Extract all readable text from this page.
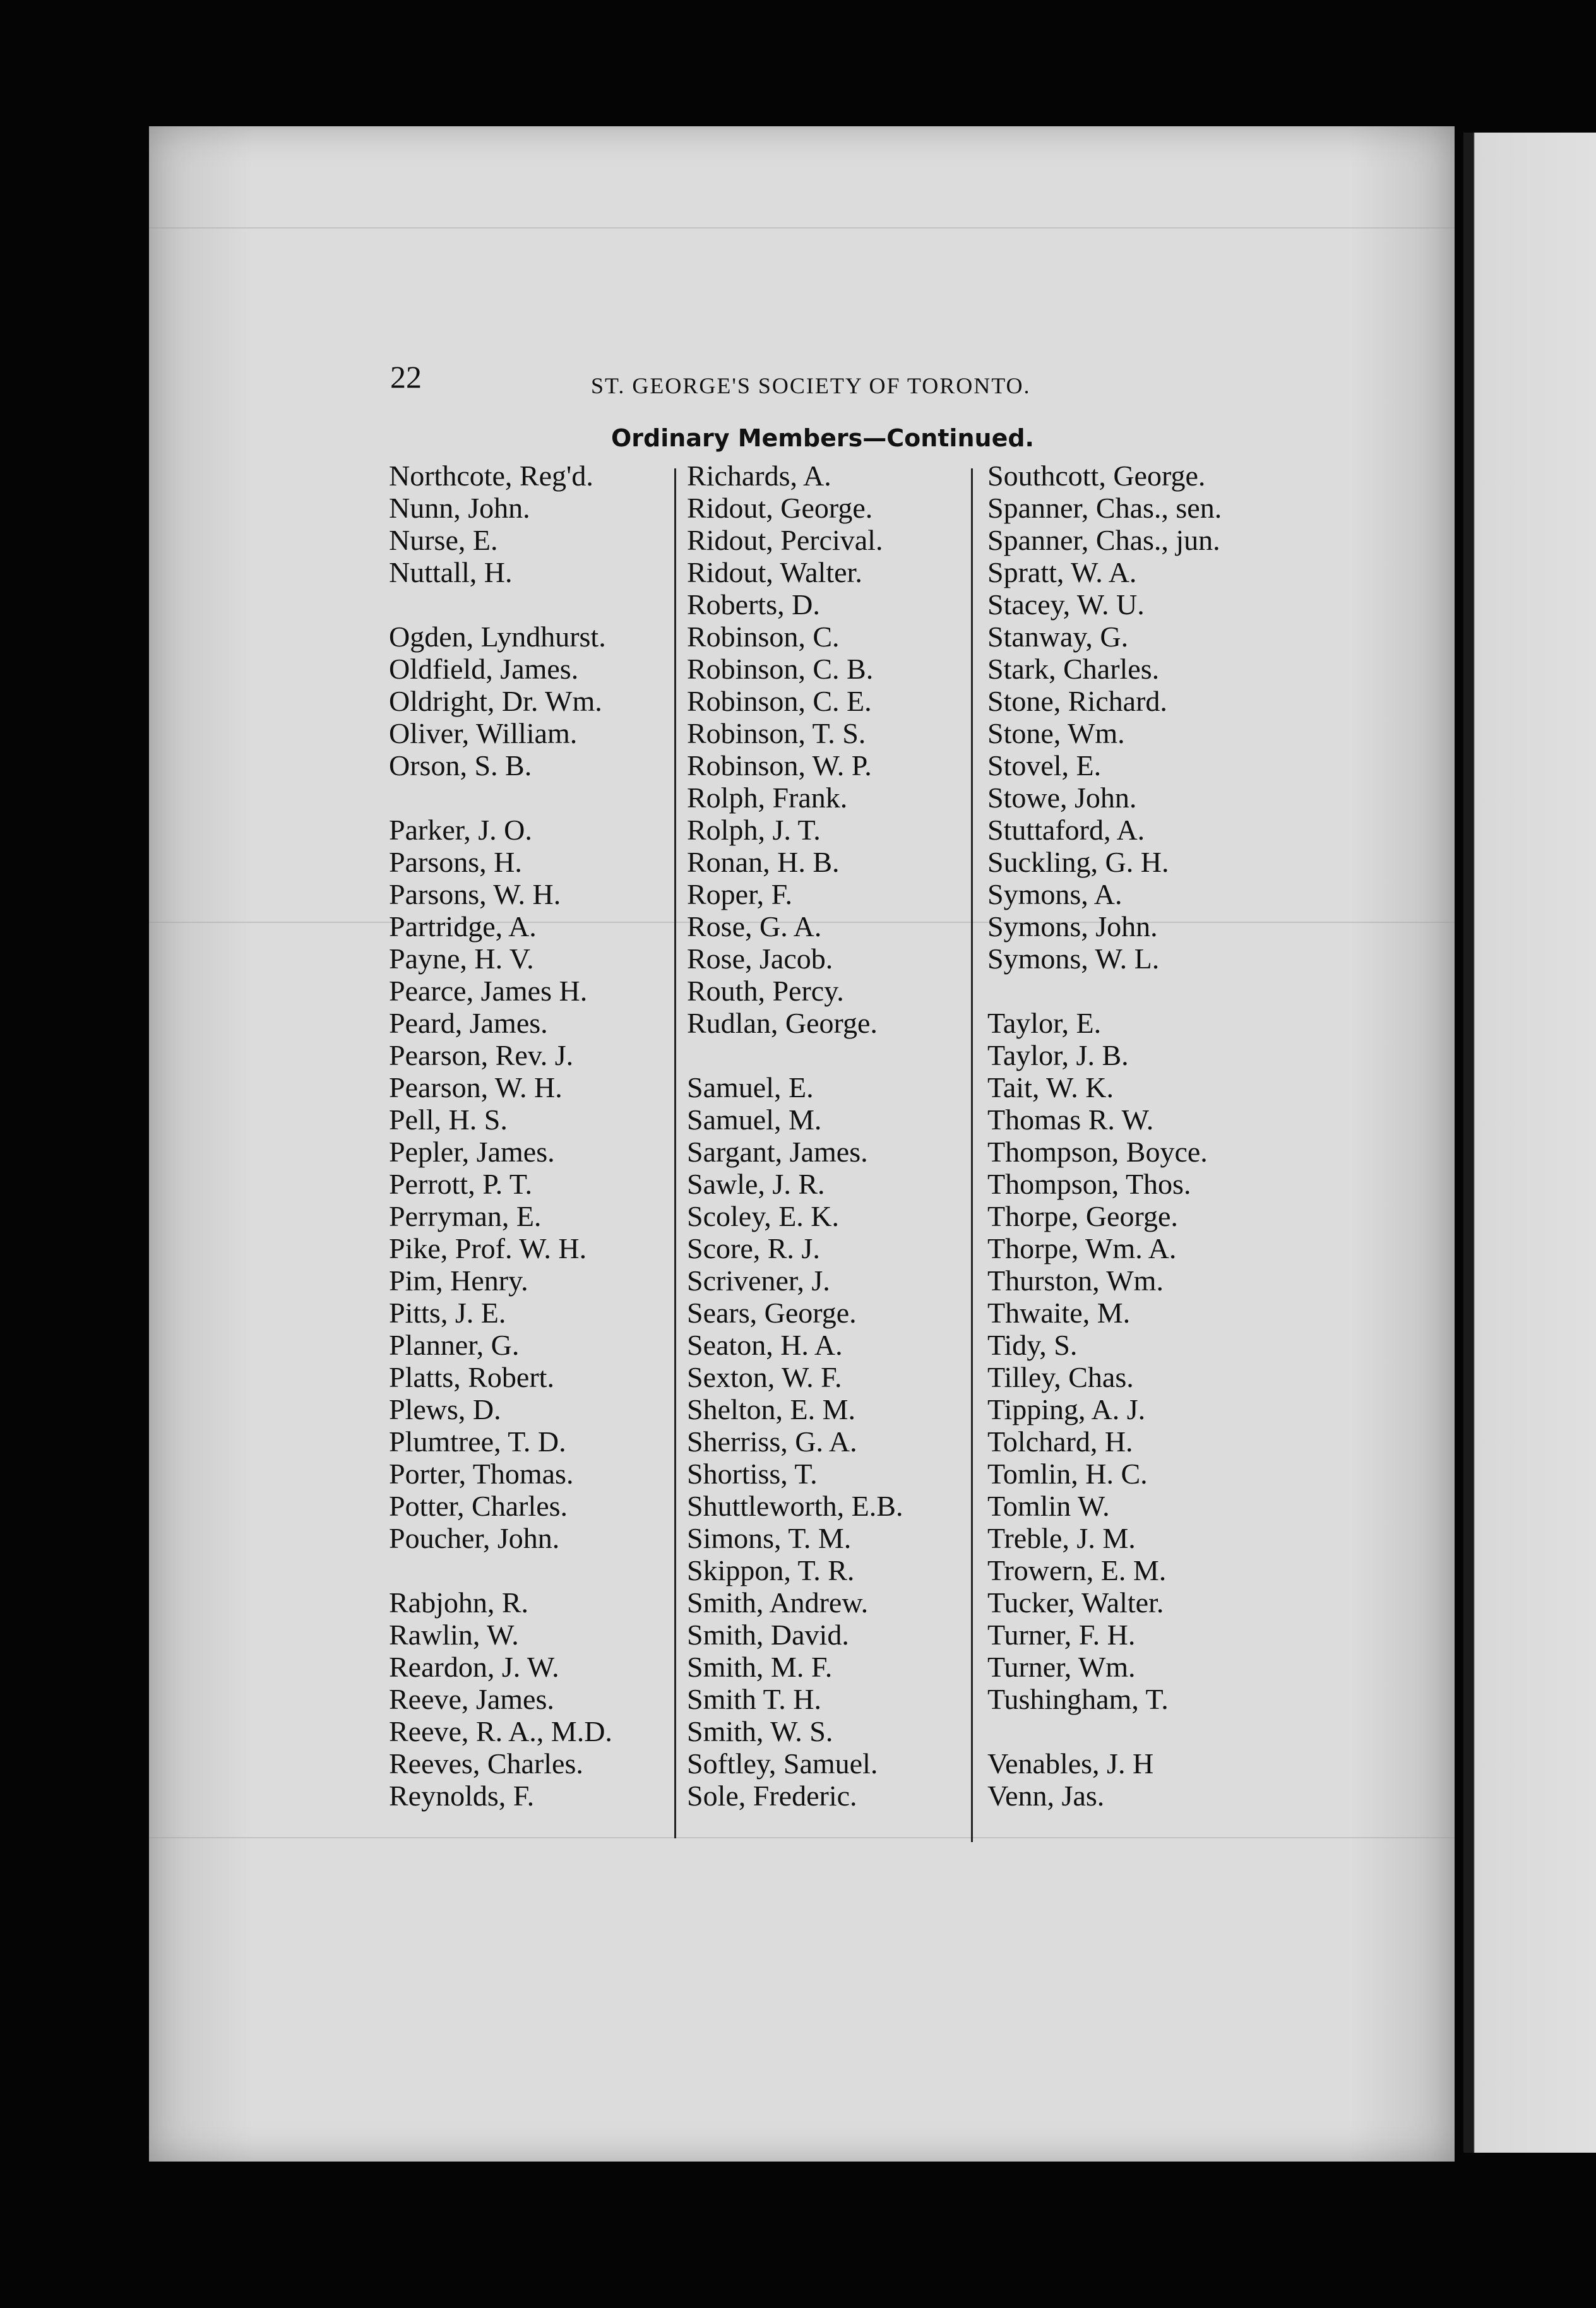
22	ST. GEORGE'S SOCIETY OF TORONTO.
Ordinary Members—Continued.
Northcote, Reg'd.
Nunn, John.
Nurse, E.
Nuttall, H.
Ogden, Lyndhurst.
Oldfield, James.
Oldright, Dr. Wm.
Oliver, William.
Orson, S. B.
Parker, J. O.
Parsons, H.
Parsons, W. H.
Partridge, A.
Payne, H. V.
Pearce, James H.
Peard, James.
Pearson, Rev. J.
Pearson, W. H.
Pell, H. S.
Pepler, James.
Perrott, P. T.
Perryman, E.
Pike, Prof. W. H.
Pim, Henry.
Pitts, J. E.
Planner, G.
Platts, Robert.
Plews, D.
Plumtree, T. D.
Porter, Thomas.
Potter, Charles.
Poucher, John.
Rabjohn, R.
Rawlin, W.
Reardon, J. W.
Reeve, James.
Reeve, R. A., M.D.
Reeves, Charles.
Reynolds, F.
Richards, A.
Ridout, George.
Ridout, Percival.
Ridout, Walter.
Roberts, D.
Robinson, C.
Robinson, C. B.
Robinson, C. E.
Robinson, T. S.
Robinson, W. P.
Rolph, Frank.
Rolph, J. T.
Ronan, H. B.
Roper, F.
Rose, G. A.
Rose, Jacob.
Routh, Percy.
Rudlan, George.
Samuel, E.
Samuel, M.
Sargant, James.
Sawle, J. R.
Scoley, E. K.
Score, R. J.
Scrivener, J.
Sears, George.
Seaton, H. A.
Sexton, W. F.
Shelton, E. M.
Sherriss, G. A.
Shortiss, T.
Shuttleworth, E.B.
Simons, T. M.
Skippon, T. R.
Smith, Andrew.
Smith, David.
Smith, M. F.
Smith T. H.
Smith, W. S.
Softley, Samuel.
Sole, Frederic.
Southcott, George.
Spanner, Chas., sen.
Spanner, Chas., jun.
Spratt, W. A.
Stacey, W. U.
Stanway, G.
Stark, Charles.
Stone, Richard.
Stone, Wm.
Stovel, E.
Stowe, John.
Stuttaford, A.
Suckling, G. H.
Symons, A.
Symons, John.
Symons, W. L.
Taylor, E.
Taylor, J. B.
Tait, W. K.
Thomas R. W.
Thompson, Boyce.
Thompson, Thos.
Thorpe, George.
Thorpe, Wm. A.
Thurston, Wm.
Thwaite, M.
Tidy, S.
Tilley, Chas.
Tipping, A. J.
Tolchard, H.
Tomlin, H. C.
Tomlin W.
Treble, J. M.
Trowern, E. M.
Tucker, Walter.
Turner, F. H.
Turner, Wm.
Tushingham, T.
Venables, J. H
Venn, Jas.
